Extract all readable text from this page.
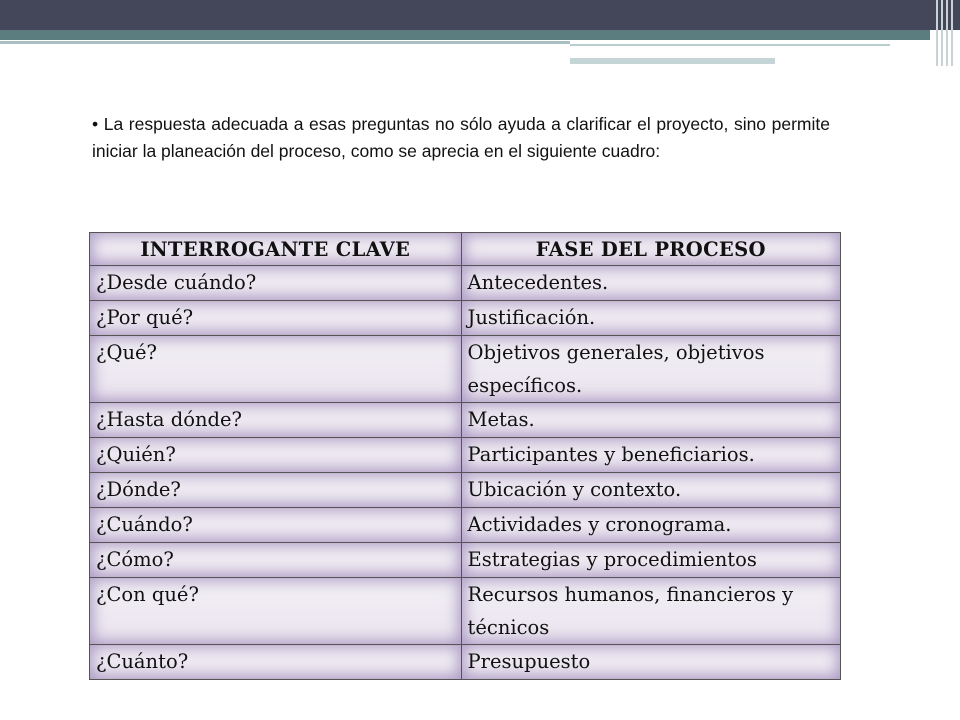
• La respuesta adecuada a esas preguntas no sólo ayuda a clarificar el proyecto, sino permite iniciar la planeación del proceso, como se aprecia en el siguiente cuadro:
INTERROGANTE CLAVE	FASE DEL PROCESO
¿Desde cuándo?	Antecedentes.
¿Por qué?	Justificación.
¿Qué?	Objetivos generales, objetivos específicos.
¿Hasta dónde?	Metas.
¿Quién?	Participantes y beneficiarios.
¿Dónde?	Ubicación y contexto.
¿Cuándo?	Actividades y cronograma.
¿Cómo?	Estrategias y procedimientos
¿Con qué?	Recursos humanos, financieros y técnicos
¿Cuánto?	Presupuesto
